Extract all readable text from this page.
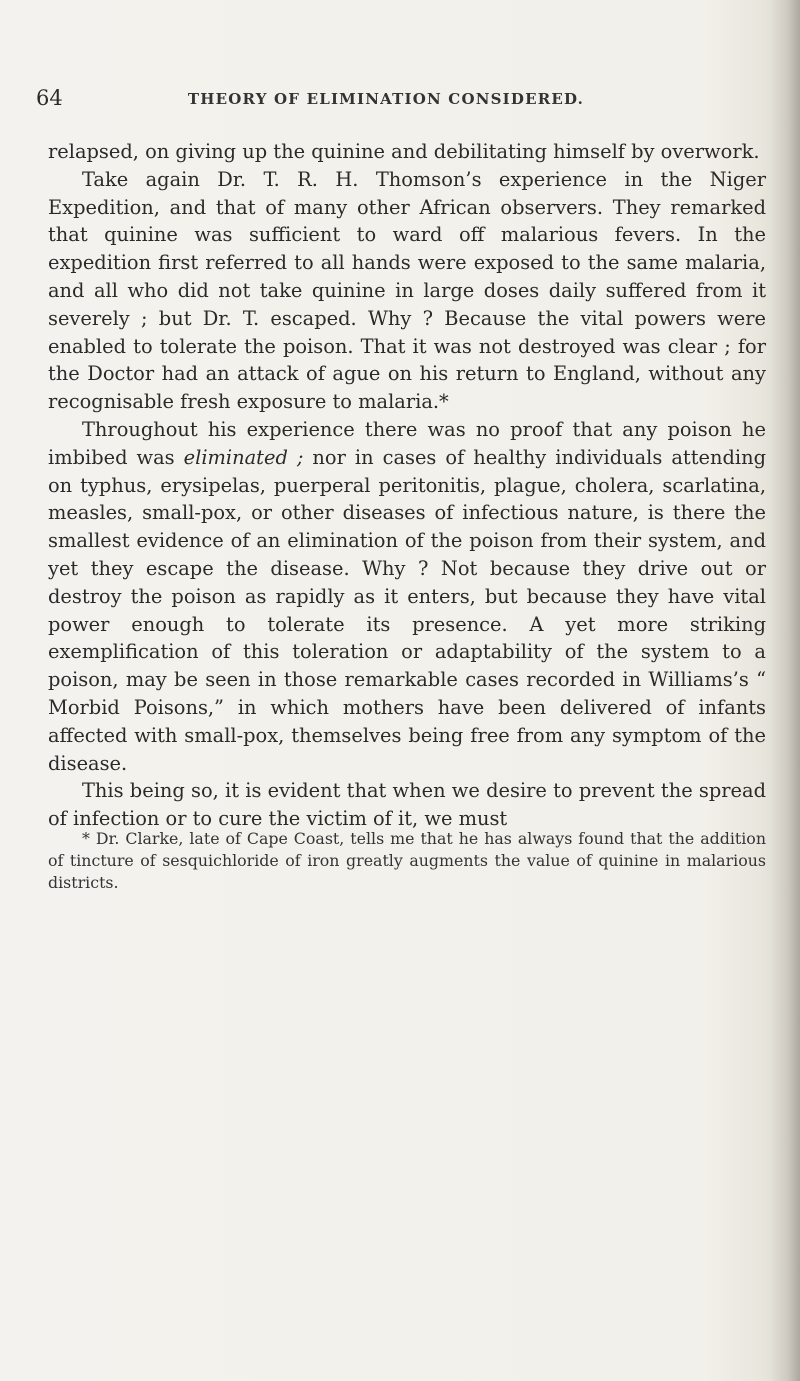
64	THEORY OF ELIMINATION CONSIDERED.

relapsed, on giving up the quinine and debilitating himself by overwork.

Take again Dr. T. R. H. Thomson’s experience in the Niger Expedition, and that of many other African observers. They remarked that quinine was sufficient to ward off malarious fevers. In the expedition first referred to all hands were exposed to the same malaria, and all who did not take quinine in large doses daily suffered from it severely ; but Dr. T. escaped. Why ? Because the vital powers were enabled to tolerate the poison. That it was not destroyed was clear ; for the Doctor had an attack of ague on his return to England, without any recognisable fresh exposure to malaria.*

Throughout his experience there was no proof that any poison he imbibed was eliminated ; nor in cases of healthy individuals attending on typhus, erysipelas, puerperal peritonitis, plague, cholera, scarlatina, measles, small-pox, or other diseases of infectious nature, is there the smallest evidence of an elimination of the poison from their system, and yet they escape the disease. Why ? Not because they drive out or destroy the poison as rapidly as it enters, but because they have vital power enough to tolerate its presence. A yet more striking exemplification of this toleration or adaptability of the system to a poison, may be seen in those remarkable cases recorded in Williams’s “ Morbid Poisons,” in which mothers have been delivered of infants affected with small-pox, themselves being free from any symptom of the disease.

This being so, it is evident that when we desire to prevent the spread of infection or to cure the victim of it, we must

* Dr. Clarke, late of Cape Coast, tells me that he has always found that the addition of tincture of sesquichloride of iron greatly augments the value of quinine in malarious districts.
